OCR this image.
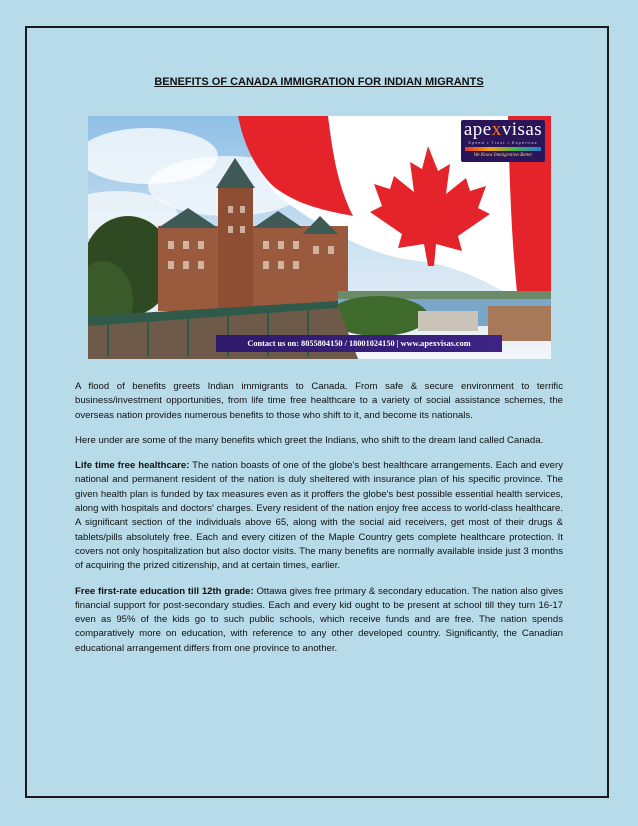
BENEFITS OF CANADA IMMIGRATION FOR INDIAN MIGRANTS
apexvisas
Speed • Trust • Expertise
We Know Immigration Better
Contact us on: 8055804150 / 18001024150 | www.apexvisas.com

A flood of benefits greets Indian immigrants to Canada. From safe & secure environment to terrific business/investment opportunities, from life time free healthcare to a variety of social assistance schemes, the overseas nation provides numerous benefits to those who shift to it, and become its nationals.

Here under are some of the many benefits which greet the Indians, who shift to the dream land called Canada.

Life time free healthcare: The nation boasts of one of the globe's best healthcare arrangements. Each and every national and permanent resident of the nation is duly sheltered with insurance plan of his specific province. The given health plan is funded by tax measures even as it proffers the globe's best possible essential health services, along with hospitals and doctors' charges. Every resident of the nation enjoy free access to world-class healthcare. A significant section of the individuals above 65, along with the social aid receivers, get most of their drugs & tablets/pills absolutely free. Each and every citizen of the Maple Country gets complete healthcare protection. It covers not only hospitalization but also doctor visits. The many benefits are normally available inside just 3 months of acquiring the prized citizenship, and at certain times, earlier.

Free first-rate education till 12th grade: Ottawa gives free primary & secondary education. The nation also gives financial support for post-secondary studies. Each and every kid ought to be present at school till they turn 16-17 even as 95% of the kids go to such public schools, which receive funds and are free. The nation spends comparatively more on education, with reference to any other developed country. Significantly, the Canadian educational arrangement differs from one province to another.
